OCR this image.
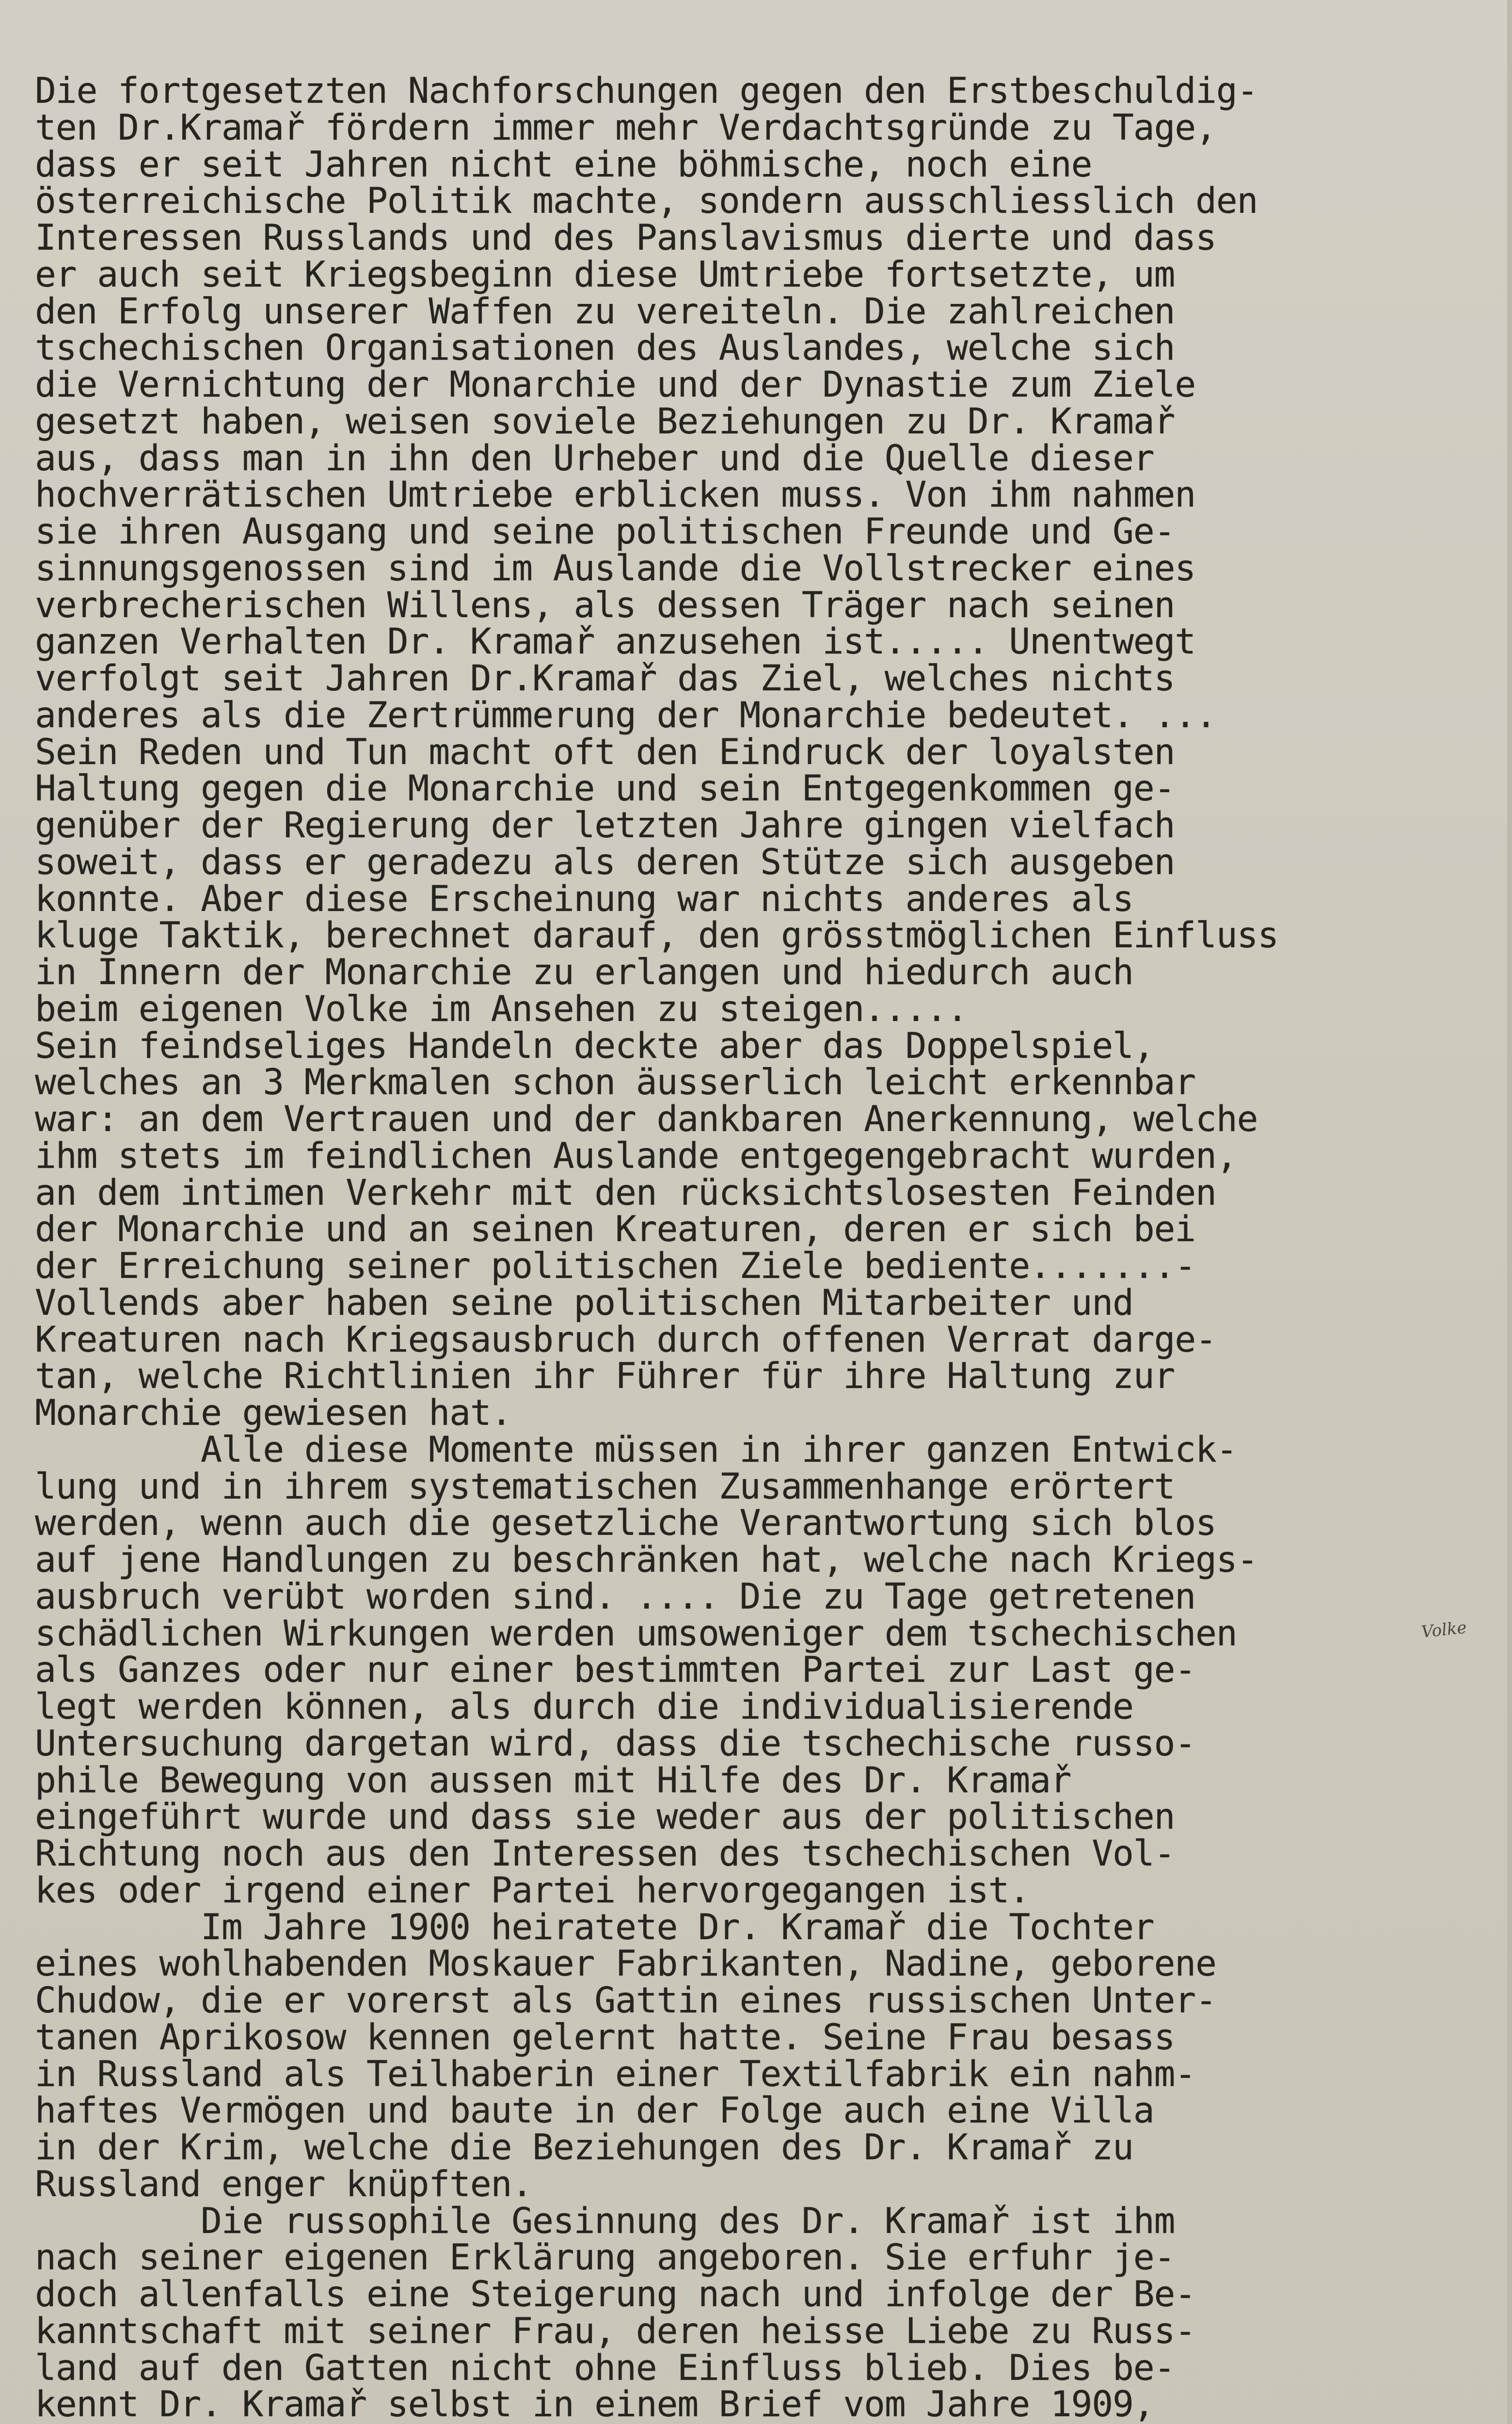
Die fortgesetzten Nachforschungen gegen den Erstbeschuldig-
ten Dr.Kramař fördern immer mehr Verdachtsgründe zu Tage,
dass er seit Jahren nicht eine böhmische, noch eine
österreichische Politik machte, sondern ausschliesslich den
Interessen Russlands und des Panslavismus dierte und dass
er auch seit Kriegsbeginn diese Umtriebe fortsetzte, um
den Erfolg unserer Waffen zu vereiteln. Die zahlreichen
tschechischen Organisationen des Auslandes, welche sich
die Vernichtung der Monarchie und der Dynastie zum Ziele
gesetzt haben, weisen soviele Beziehungen zu Dr. Kramař
aus, dass man in ihn den Urheber und die Quelle dieser
hochverrätischen Umtriebe erblicken muss. Von ihm nahmen
sie ihren Ausgang und seine politischen Freunde und Ge-
sinnungsgenossen sind im Auslande die Vollstrecker eines
verbrecherischen Willens, als dessen Träger nach seinen
ganzen Verhalten Dr. Kramař anzusehen ist..... Unentwegt
verfolgt seit Jahren Dr.Kramař das Ziel, welches nichts
anderes als die Zertrümmerung der Monarchie bedeutet. ...
Sein Reden und Tun macht oft den Eindruck der loyalsten
Haltung gegen die Monarchie und sein Entgegenkommen ge-
genüber der Regierung der letzten Jahre gingen vielfach
soweit, dass er geradezu als deren Stütze sich ausgeben
konnte. Aber diese Erscheinung war nichts anderes als
kluge Taktik, berechnet darauf, den grösstmöglichen Einfluss
in Innern der Monarchie zu erlangen und hiedurch auch
beim eigenen Volke im Ansehen zu steigen.....
Sein feindseliges Handeln deckte aber das Doppelspiel,
welches an 3 Merkmalen schon äusserlich leicht erkennbar
war: an dem Vertrauen und der dankbaren Anerkennung, welche
ihm stets im feindlichen Auslande entgegengebracht wurden,
an dem intimen Verkehr mit den rücksichtslosesten Feinden
der Monarchie und an seinen Kreaturen, deren er sich bei
der Erreichung seiner politischen Ziele bediente.......-
Vollends aber haben seine politischen Mitarbeiter und
Kreaturen nach Kriegsausbruch durch offenen Verrat darge-
tan, welche Richtlinien ihr Führer für ihre Haltung zur
Monarchie gewiesen hat.
Alle diese Momente müssen in ihrer ganzen Entwick-
lung und in ihrem systematischen Zusammenhange erörtert
werden, wenn auch die gesetzliche Verantwortung sich blos
auf jene Handlungen zu beschränken hat, welche nach Kriegs-
ausbruch verübt worden sind. .... Die zu Tage getretenen
schädlichen Wirkungen werden umsoweniger dem tschechischen
als Ganzes oder nur einer bestimmten Partei zur Last ge-
legt werden können, als durch die individualisierende
Untersuchung dargetan wird, dass die tschechische russo-
phile Bewegung von aussen mit Hilfe des Dr. Kramař
eingeführt wurde und dass sie weder aus der politischen
Richtung noch aus den Interessen des tschechischen Vol-
kes oder irgend einer Partei hervorgegangen ist.
Im Jahre 1900 heiratete Dr. Kramař die Tochter
eines wohlhabenden Moskauer Fabrikanten, Nadine, geborene
Chudow, die er vorerst als Gattin eines russischen Unter-
tanen Aprikosow kennen gelernt hatte. Seine Frau besass
in Russland als Teilhaberin einer Textilfabrik ein nahm-
haftes Vermögen und baute in der Folge auch eine Villa
in der Krim, welche die Beziehungen des Dr. Kramař zu
Russland enger knüpften.
Die russophile Gesinnung des Dr. Kramař ist ihm
nach seiner eigenen Erklärung angeboren. Sie erfuhr je-
doch allenfalls eine Steigerung nach und infolge der Be-
kanntschaft mit seiner Frau, deren heisse Liebe zu Russ-
land auf den Gatten nicht ohne Einfluss blieb. Dies be-
kennt Dr. Kramař selbst in einem Brief vom Jahre 1909,
Volke
